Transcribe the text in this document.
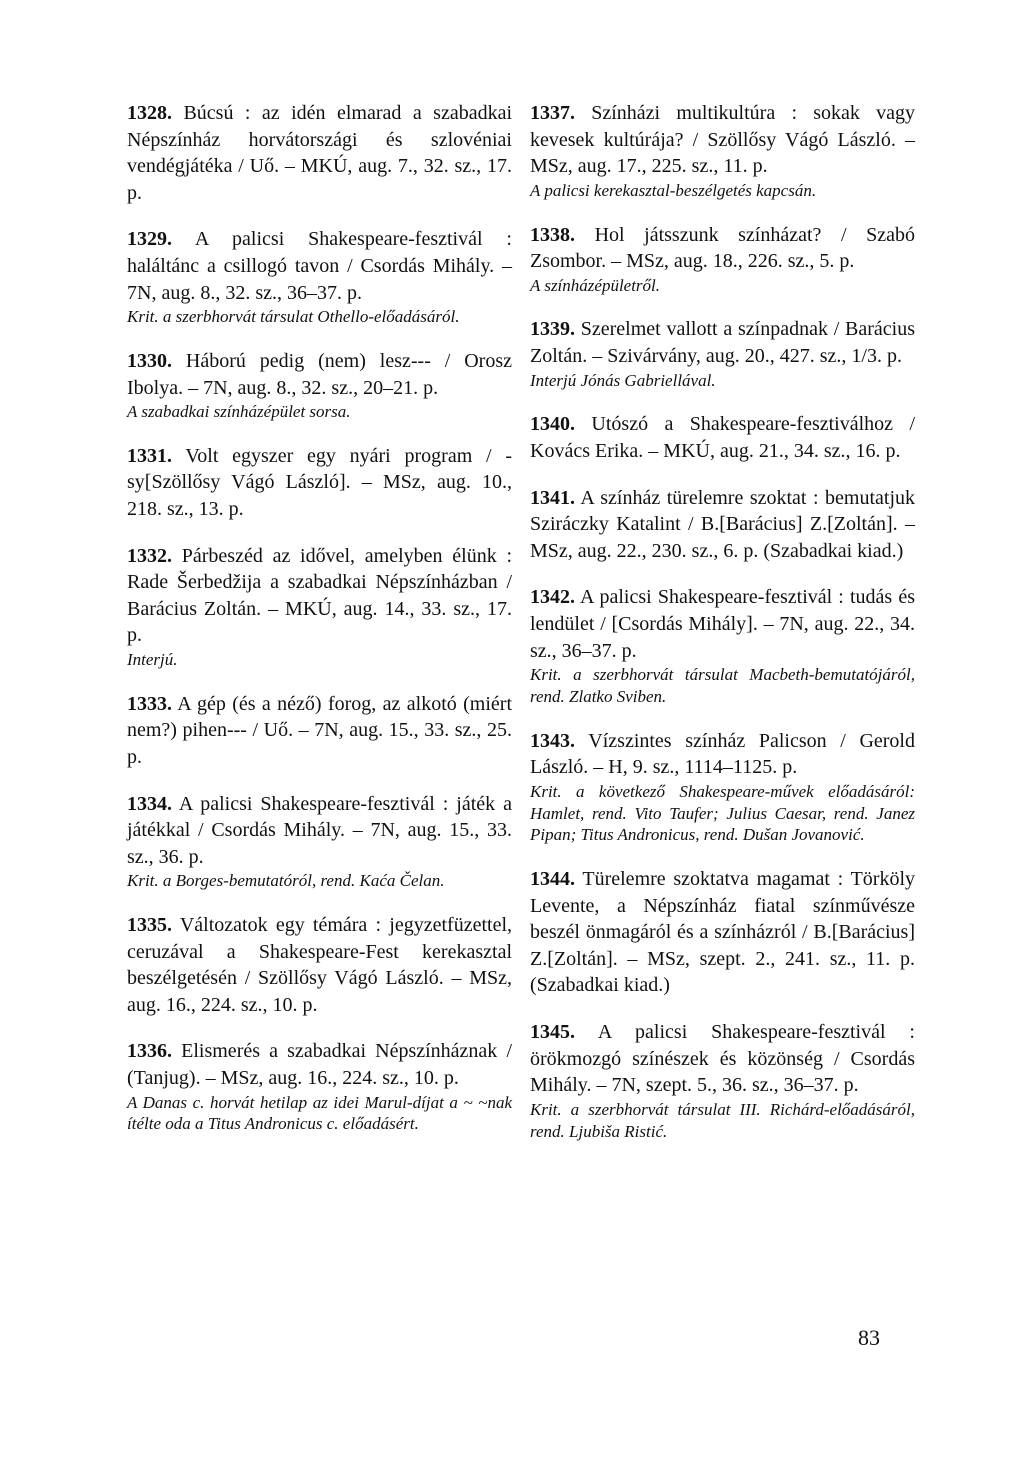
1328. Búcsú : az idén elmarad a szabadkai Népszínház horvátországi és szlovéniai vendégjátéka / Uő. – MKÚ, aug. 7., 32. sz., 17. p.

1329. A palicsi Shakespeare-fesztivál : haláltánc a csillogó tavon / Csordás Mihály. – 7N, aug. 8., 32. sz., 36–37. p.

Krit. a szerbhorvát társulat Othello-előadásáról.

1330. Háború pedig (nem) lesz--- / Orosz Ibolya. – 7N, aug. 8., 32. sz., 20–21. p.

A szabadkai színházépület sorsa.

1331. Volt egyszer egy nyári program / -sy[Szöllősy Vágó László]. – MSz, aug. 10., 218. sz., 13. p.

1332. Párbeszéd az idővel, amelyben élünk : Rade Šerbedžija a szabadkai Népszínházban / Barácius Zoltán. – MKÚ, aug. 14., 33. sz., 17. p.

Interjú.

1333. A gép (és a néző) forog, az alkotó (miért nem?) pihen--- / Uő. – 7N, aug. 15., 33. sz., 25. p.

1334. A palicsi Shakespeare-fesztivál : játék a játékkal / Csordás Mihály. – 7N, aug. 15., 33. sz., 36. p.

Krit. a Borges-bemutatóról, rend. Kaća Čelan.

1335. Változatok egy témára : jegyzetfüzettel, ceruzával a Shakespeare-Fest kerekasztal beszélgetésén / Szöllősy Vágó László. – MSz, aug. 16., 224. sz., 10. p.

1336. Elismerés a szabadkai Népszínháznak / (Tanjug). – MSz, aug. 16., 224. sz., 10. p.

A Danas c. horvát hetilap az idei Marul-díjat a ~ ~nak ítélte oda a Titus Andronicus c. előadásért.

1337. Színházi multikultúra : sokak vagy kevesek kultúrája? / Szöllősy Vágó László. – MSz, aug. 17., 225. sz., 11. p.

A palicsi kerekasztal-beszélgetés kapcsán.

1338. Hol játsszunk színházat? / Szabó Zsombor. – MSz, aug. 18., 226. sz., 5. p.

A színházépületről.

1339. Szerelmet vallott a színpadnak / Barácius Zoltán. – Szivárvány, aug. 20., 427. sz., 1/3. p.

Interjú Jónás Gabriellával.

1340. Utószó a Shakespeare-fesztiválhoz / Kovács Erika. – MKÚ, aug. 21., 34. sz., 16. p.

1341. A színház türelemre szoktat : bemutatjuk Sziráczky Katalint / B.[Barácius] Z.[Zoltán]. – MSz, aug. 22., 230. sz., 6. p. (Szabadkai kiad.)

1342. A palicsi Shakespeare-fesztivál : tudás és lendület / [Csordás Mihály]. – 7N, aug. 22., 34. sz., 36–37. p.

Krit. a szerbhorvát társulat Macbeth-bemutatójáról, rend. Zlatko Sviben.

1343. Vízszintes színház Palicson / Gerold László. – H, 9. sz., 1114–1125. p.

Krit. a következő Shakespeare-művek előadásáról: Hamlet, rend. Vito Taufer; Julius Caesar, rend. Janez Pipan; Titus Andronicus, rend. Dušan Jovanović.

1344. Türelemre szoktatva magamat : Törköly Levente, a Népszínház fiatal színművésze beszél önmagáról és a színházról / B.[Barácius] Z.[Zoltán]. – MSz, szept. 2., 241. sz., 11. p. (Szabadkai kiad.)

1345. A palicsi Shakespeare-fesztivál : örökmozgó színészek és közönség / Csordás Mihály. – 7N, szept. 5., 36. sz., 36–37. p.

Krit. a szerbhorvát társulat III. Richárd-előadásáról, rend. Ljubiša Ristić.

83
